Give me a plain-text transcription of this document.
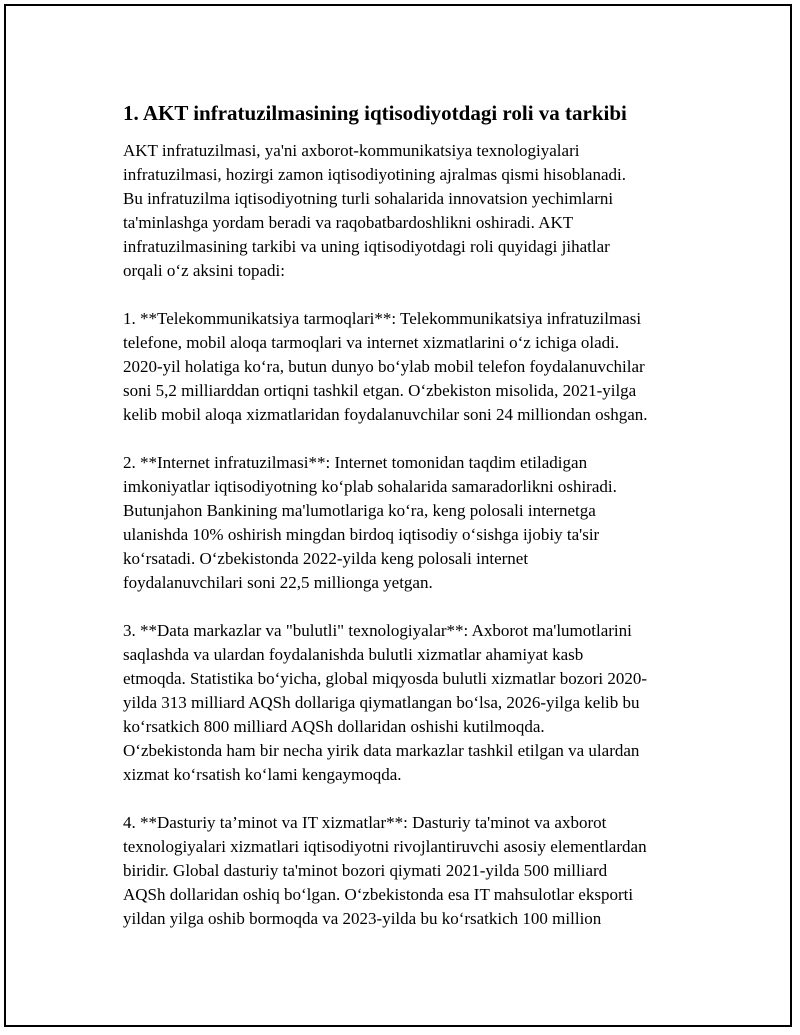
1. AKT infratuzilmasining iqtisodiyotdagi roli va tarkibi
AKT infratuzilmasi, ya'ni axborot-kommunikatsiya texnologiyalari
infratuzilmasi, hozirgi zamon iqtisodiyotining ajralmas qismi hisoblanadi.
Bu infratuzilma iqtisodiyotning turli sohalarida innovatsion yechimlarni
ta'minlashga yordam beradi va raqobatbardoshlikni oshiradi. AKT
infratuzilmasining tarkibi va uning iqtisodiyotdagi roli quyidagi jihatlar
orqali o‘z aksini topadi:
1. **Telekommunikatsiya tarmoqlari**: Telekommunikatsiya infratuzilmasi
telefone, mobil aloqa tarmoqlari va internet xizmatlarini o‘z ichiga oladi.
2020-yil holatiga ko‘ra, butun dunyo bo‘ylab mobil telefon foydalanuvchilar
soni 5,2 milliarddan ortiqni tashkil etgan. O‘zbekiston misolida, 2021-yilga
kelib mobil aloqa xizmatlaridan foydalanuvchilar soni 24 milliondan oshgan.
2. **Internet infratuzilmasi**: Internet tomonidan taqdim etiladigan
imkoniyatlar iqtisodiyotning ko‘plab sohalarida samaradorlikni oshiradi.
Butunjahon Bankining ma'lumotlariga ko‘ra, keng polosali internetga
ulanishda 10% oshirish mingdan birdoq iqtisodiy o‘sishga ijobiy ta'sir
ko‘rsatadi. O‘zbekistonda 2022-yilda keng polosali internet
foydalanuvchilari soni 22,5 millionga yetgan.
3. **Data markazlar va "bulutli" texnologiyalar**: Axborot ma'lumotlarini
saqlashda va ulardan foydalanishda bulutli xizmatlar ahamiyat kasb
etmoqda. Statistika bo‘yicha, global miqyosda bulutli xizmatlar bozori 2020-
yilda 313 milliard AQSh dollariga qiymatlangan bo‘lsa, 2026-yilga kelib bu
ko‘rsatkich 800 milliard AQSh dollaridan oshishi kutilmoqda.
O‘zbekistonda ham bir necha yirik data markazlar tashkil etilgan va ulardan
xizmat ko‘rsatish ko‘lami kengaymoqda.
4. **Dasturiy ta’minot va IT xizmatlar**: Dasturiy ta'minot va axborot
texnologiyalari xizmatlari iqtisodiyotni rivojlantiruvchi asosiy elementlardan
biridir. Global dasturiy ta'minot bozori qiymati 2021-yilda 500 milliard
AQSh dollaridan oshiq bo‘lgan. O‘zbekistonda esa IT mahsulotlar eksporti
yildan yilga oshib bormoqda va 2023-yilda bu ko‘rsatkich 100 million
